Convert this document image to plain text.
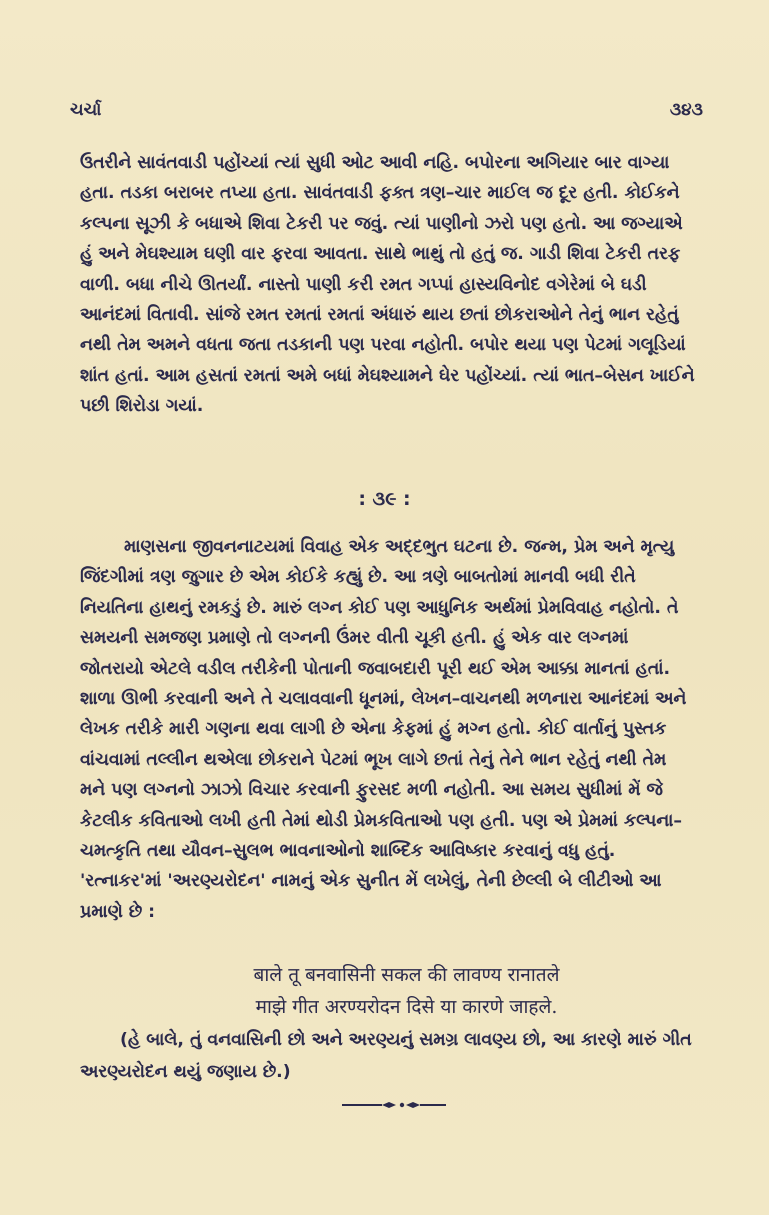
ચર્ચા	૩૪૩

ઉતરીને સાવંતવાડી પહોંચ્યાં ત્યાં સુધી ઓટ આવી નહિ. બપોરના અગિયાર બાર વાગ્યા હતા. તડકા બરાબર તપ્યા હતા. સાવંતવાડી ફક્ત ત્રણ–ચાર માઈલ જ દૂર હતી. કોઈકને કલ્પના સૂઝી કે બધાએ શિવા ટેકરી પર જવું. ત્યાં પાણીનો ઝરો પણ હતો. આ જગ્યાએ હું અને મેઘશ્યામ ઘણી વાર ફરવા આવતા. સાથે ભાથું તો હતું જ. ગાડી શિવા ટેકરી તરફ વાળી. બધા નીચે ઊતર્યાં. નાસ્તો પાણી કરી રમત ગપ્પાં હાસ્યવિનોદ વગેરેમાં બે ઘડી આનંદમાં વિતાવી. સાંજે રમત રમતાં રમતાં અંધારું થાય છતાં છોકરાઓને તેનું ભાન રહેતું નથી તેમ અમને વધતા જતા તડકાની પણ પરવા નહોતી. બપોર થયા પણ પેટમાં ગલૂડિયાં શાંત હતાં. આમ હસતાં રમતાં અમે બધાં મેઘશ્યામને ઘેર પહોંચ્યાં. ત્યાં ભાત–બેસન ખાઈને પછી શિરોડા ગયાં.

: ૩૯ :

માણસના જીવનનાટયમાં વિવાહ એક અદ્દભુત ઘટના છે. જન્મ, પ્રેમ અને મૃત્યુ જિંદગીમાં ત્રણ જુગાર છે એમ કોઈકે કહ્યું છે. આ ત્રણે બાબતોમાં માનવી બધી રીતે નિયતિના હાથનું રમકડું છે. મારું લગ્ન કોઈ પણ આધુનિક અર્થમાં પ્રેમવિવાહ નહોતો. તે સમયની સમજણ પ્રમાણે તો લગ્નની ઉંમર વીતી ચૂકી હતી. હું એક વાર લગ્નમાં જોતરાયો એટલે વડીલ તરીકેની પોતાની જવાબદારી પૂરી થઈ એમ આક્કા માનતાં હતાં. શાળા ઊભી કરવાની અને તે ચલાવવાની ધૂનમાં, લેખન–વાચનથી મળનારા આનંદમાં અને લેખક તરીકે મારી ગણના થવા લાગી છે એના કેફમાં હું મગ્ન હતો. કોઈ વાર્તાનું પુસ્તક વાંચવામાં તલ્લીન થએલા છોકરાને પેટમાં ભૂખ લાગે છતાં તેનું તેને ભાન રહેતું નથી તેમ મને પણ લગ્નનો ઝાઝો વિચાર કરવાની ફુરસદ મળી નહોતી. આ સમય સુધીમાં મેં જે કેટલીક કવિતાઓ લખી હતી તેમાં થોડી પ્રેમકવિતાઓ પણ હતી. પણ એ પ્રેમમાં કલ્પના–ચમત્કૃતિ તથા યૌવન–સુલભ ભાવનાઓનો શાબ્દિક આવિષ્કાર કરવાનું વધુ હતું. 'રત્નાકર'માં 'અરણ્યરોદન' નામનું એક સુનીત મેં લખેલું, તેની છેલ્લી બે લીટીઓ આ પ્રમાણે છે :

बाले तू बनवासिनी सकल की लावण्य रानातले
माझे गीत अरण्यरोदन दिसे या कारणे जाहले.

(હે બાલે, તું વનવાસિની છો અને અરણ્યનું સમગ્ર લાવણ્ય છો, આ કારણે મારું ગીત અરણ્યરોદન થયું જણાય છે.)
